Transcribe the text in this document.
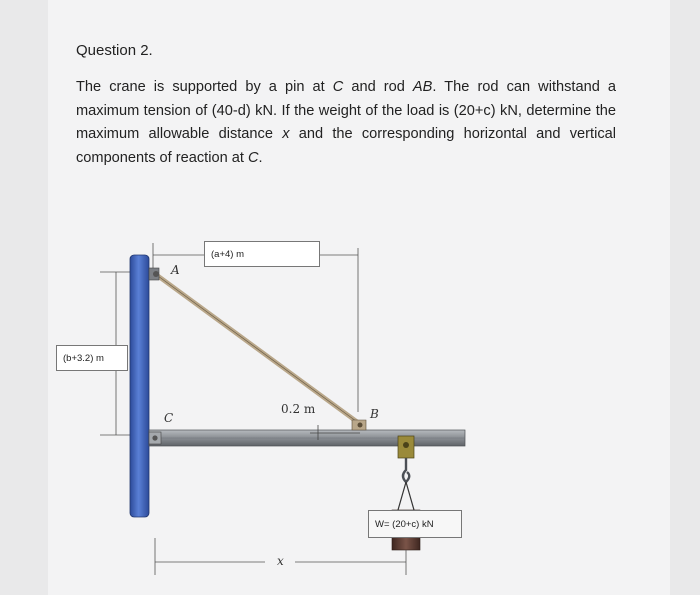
Question 2.
The crane is supported by a pin at C and rod AB. The rod can withstand a maximum tension of (40-d) kN. If the weight of the load is (20+c) kN, determine the maximum allowable distance x and the corresponding horizontal and vertical components of reaction at C.
(a+4) m
(b+3.2) m
W= (20+c) kN
A
B
C
0.2 m
x
